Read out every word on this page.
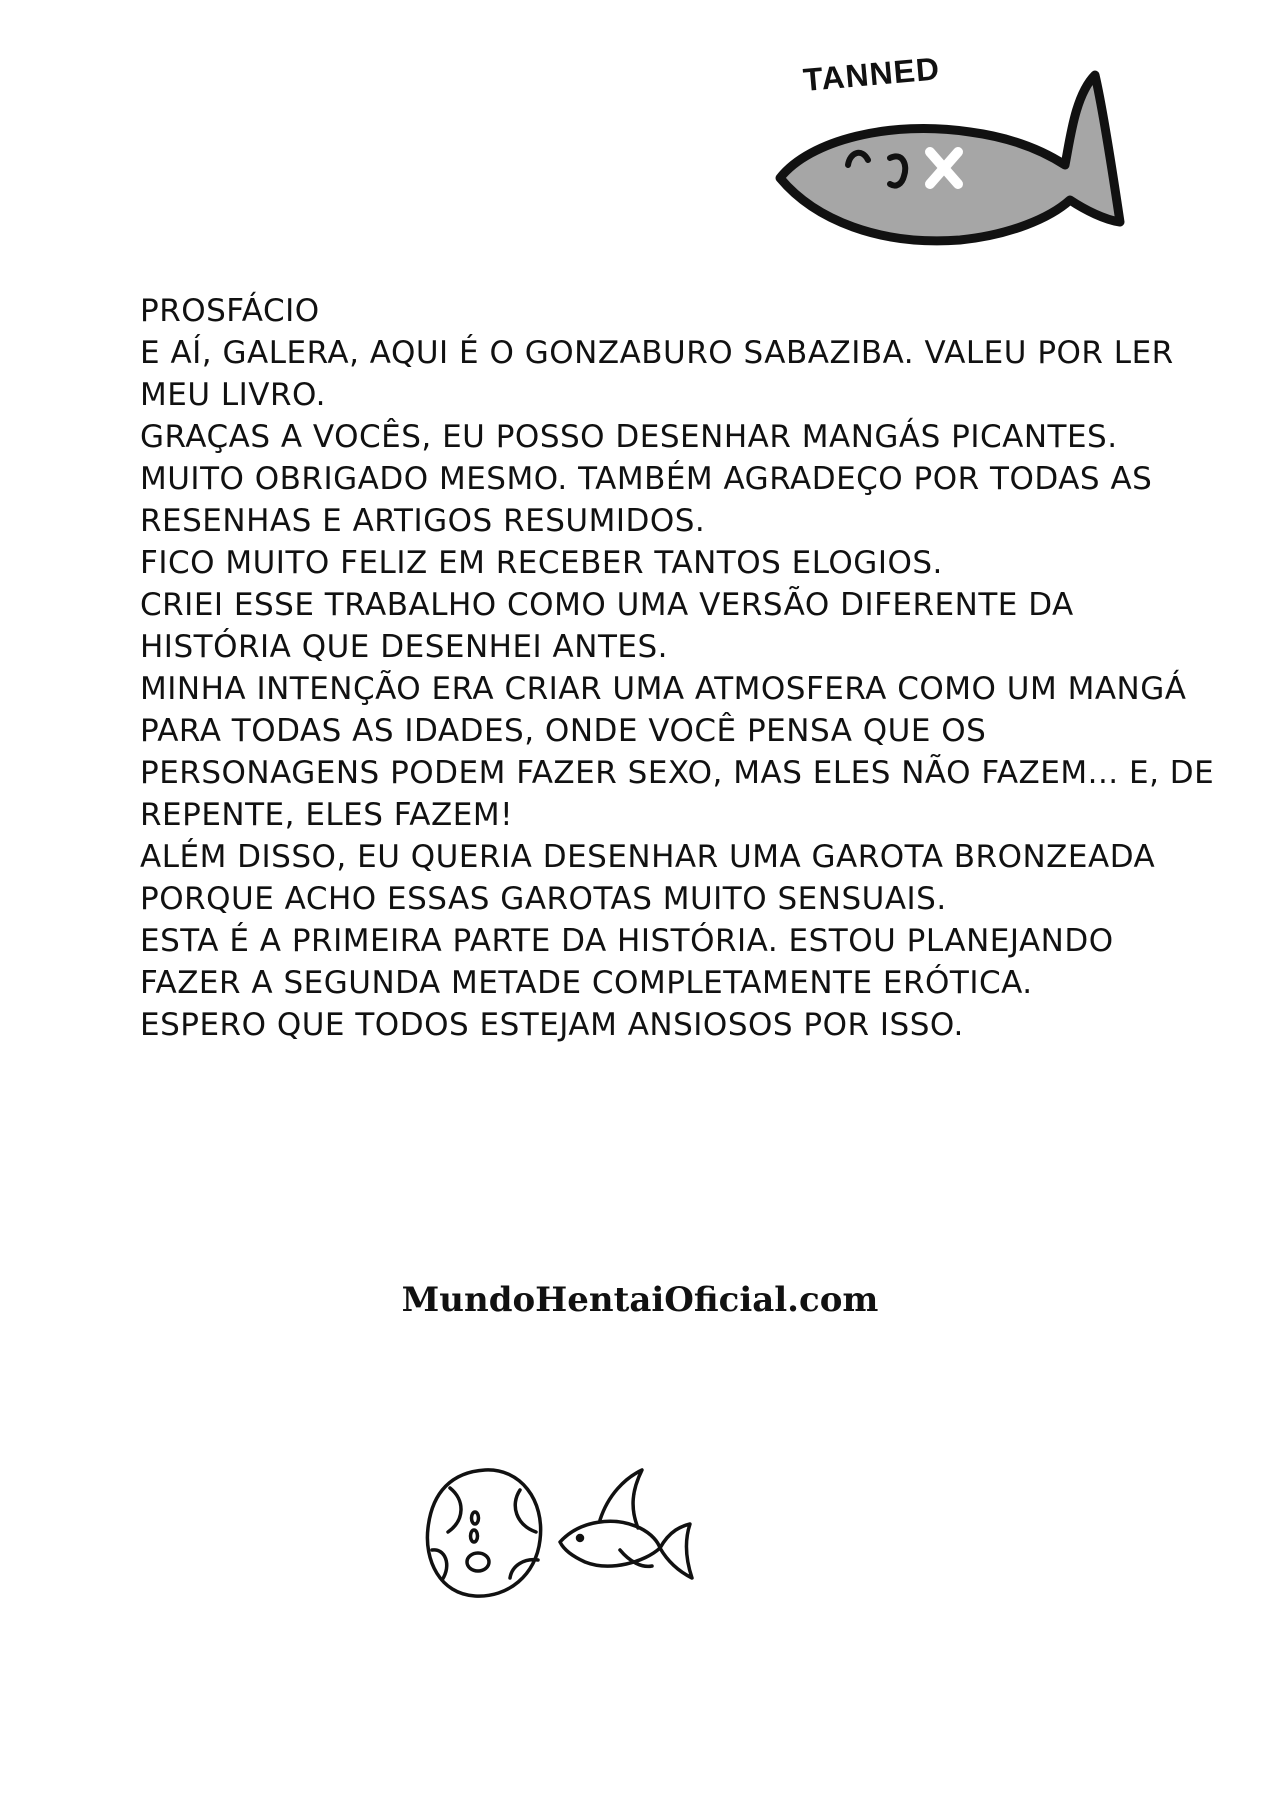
TANNED
PROSFÁCIO
E AÍ, GALERA, AQUI É O GONZABURO SABAZIBA. VALEU POR LER MEU LIVRO.
GRAÇAS A VOCÊS, EU POSSO DESENHAR MANGÁS PICANTES. MUITO OBRIGADO MESMO. TAMBÉM AGRADEÇO POR TODAS AS RESENHAS E ARTIGOS RESUMIDOS.
FICO MUITO FELIZ EM RECEBER TANTOS ELOGIOS.
CRIEI ESSE TRABALHO COMO UMA VERSÃO DIFERENTE DA HISTÓRIA QUE DESENHEI ANTES.
MINHA INTENÇÃO ERA CRIAR UMA ATMOSFERA COMO UM MANGÁ PARA TODAS AS IDADES, ONDE VOCÊ PENSA QUE OS PERSONAGENS PODEM FAZER SEXO, MAS ELES NÃO FAZEM... E, DE REPENTE, ELES FAZEM!
ALÉM DISSO, EU QUERIA DESENHAR UMA GAROTA BRONZEADA PORQUE ACHO ESSAS GAROTAS MUITO SENSUAIS.
ESTA É A PRIMEIRA PARTE DA HISTÓRIA. ESTOU PLANEJANDO FAZER A SEGUNDA METADE COMPLETAMENTE ERÓTICA.
ESPERO QUE TODOS ESTEJAM ANSIOSOS POR ISSO.
MundoHentaiOficial.com
